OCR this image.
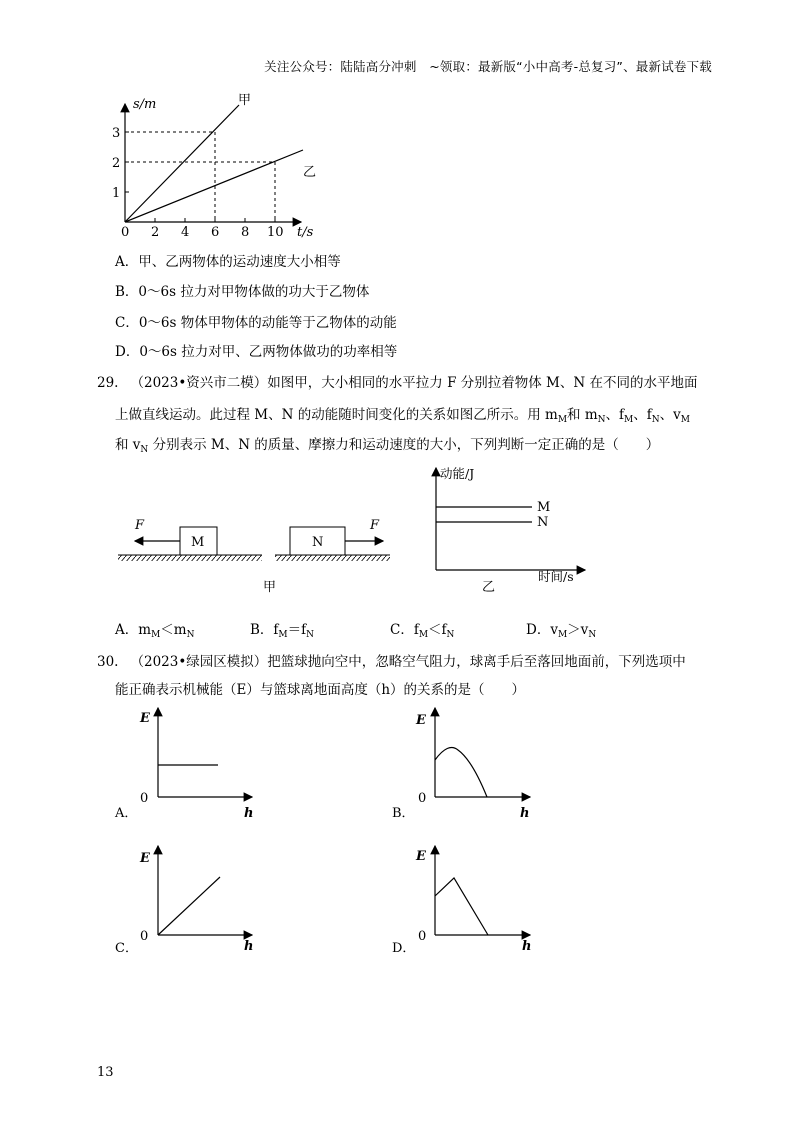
关注公众号：陆陆高分冲刺　~领取：最新版“小中高考-总复习”、最新试卷下载
s/m
t/s
甲
乙
1
2
3
0 2 4 6 8 10
A．甲、乙两物体的运动速度大小相等
B．0～6s 拉力对甲物体做的功大于乙物体
C．0～6s 物体甲物体的动能等于乙物体的动能
D．0～6s 拉力对甲、乙两物体做功的功率相等
29. （2023•资兴市二模）如图甲，大小相同的水平拉力 F 分别拉着物体 M、N 在不同的水平地面
上做直线运动。此过程 M、N 的动能随时间变化的关系如图乙所示。用 $m_M$和 $m_N$、$f_M$、$f_N$、$v_M$
和 $v_N$ 分别表示 M、N 的质量、摩擦力和运动速度的大小，下列判断一定正确的是（　　）
M
F
N
F
甲
动能/J
时间/s
M
N
乙
A．$m_M<m_N$	B．$f_M=f_N$	C．$f_M<f_N$	D．$v_M>v_N$
30. （2023•绿园区模拟）把篮球抛向空中，忽略空气阻力，球离手后至落回地面前，下列选项中
能正确表示机械能（E）与篮球离地面高度（h）的关系的是（　　）
E
h
0
A．
E
h
0
B．
E
h
0
C．
E
h
0
D．
13
